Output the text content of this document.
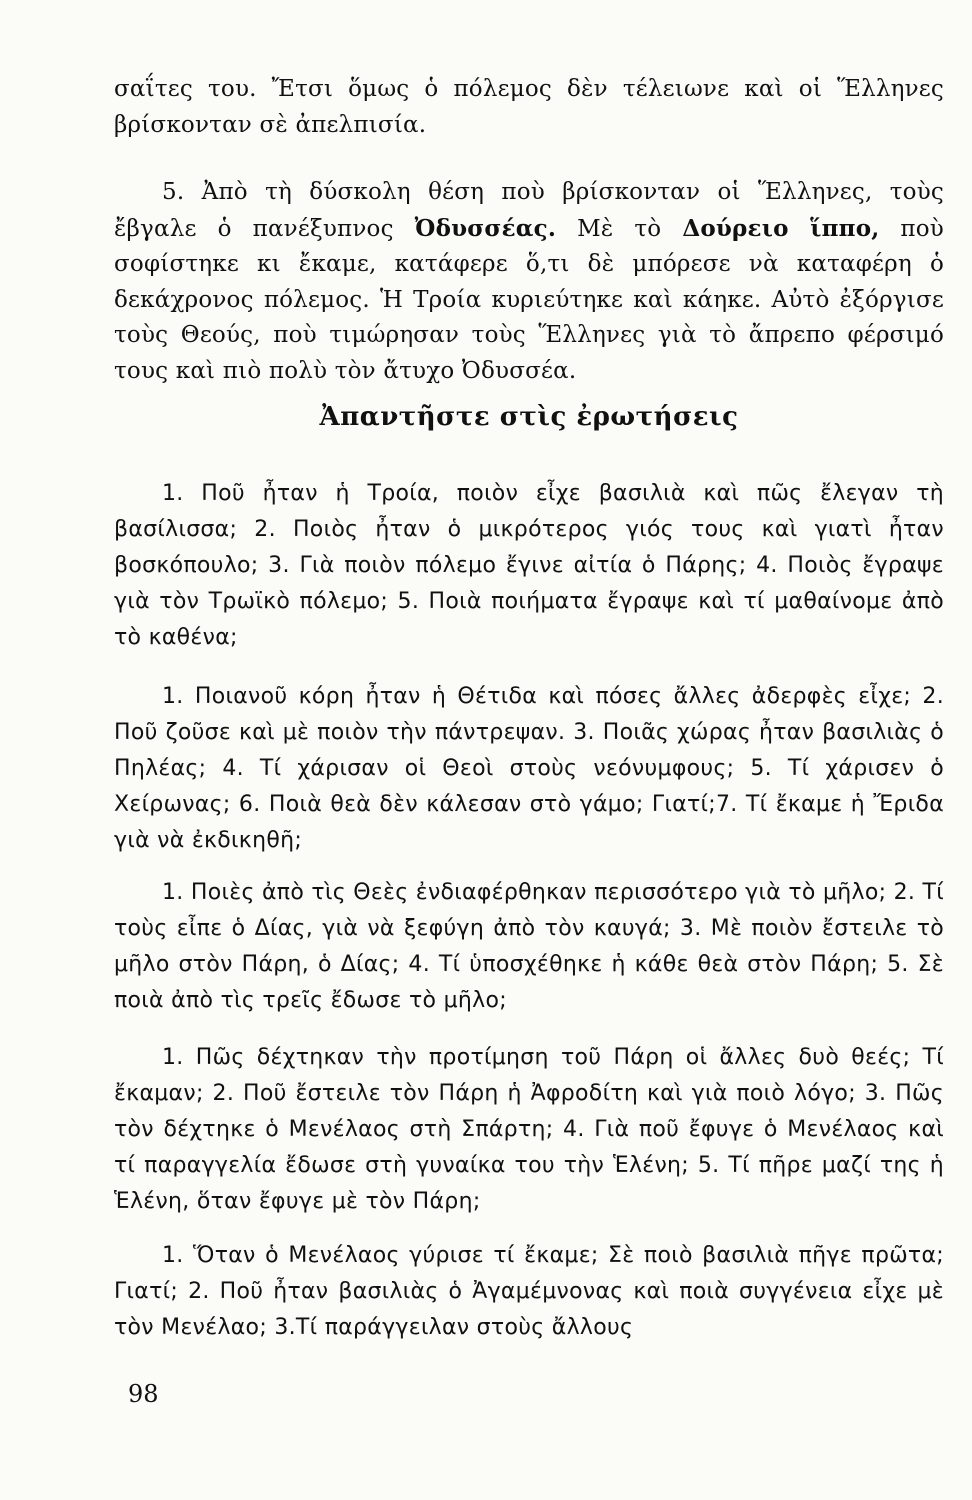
σαΐτες του. Ἔτσι ὅμως ὁ πόλεμος δὲν τέλειωνε καὶ οἱ Ἕλληνες βρίσκονταν σὲ ἀπελπισία.

5. Ἀπὸ τὴ δύσκολη θέση ποὺ βρίσκονταν οἱ Ἕλληνες, τοὺς ἔβγαλε ὁ πανέξυπνος Ὀδυσσέας. Μὲ τὸ Δούρειο ἵππο, ποὺ σοφίστηκε κι ἔκαμε, κατάφερε ὅ,τι δὲ μπόρεσε νὰ καταφέρη ὁ δεκάχρονος πόλεμος. Ἡ Τροία κυριεύτηκε καὶ κάηκε. Αὐτὸ ἐξόργισε τοὺς Θεούς, ποὺ τιμώρησαν τοὺς Ἕλληνες γιὰ τὸ ἄπρεπο φέρσιμό τους καὶ πιὸ πολὺ τὸν ἄτυχο Ὀδυσσέα.

Ἀπαντῆστε στὶς ἐρωτήσεις

1. Ποῦ ἦταν ἡ Τροία, ποιὸν εἶχε βασιλιὰ καὶ πῶς ἔλεγαν τὴ βασίλισσα; 2. Ποιὸς ἦταν ὁ μικρότερος γιός τους καὶ γιατὶ ἦταν βοσκόπουλο; 3. Γιὰ ποιὸν πόλεμο ἔγινε αἰτία ὁ Πάρης; 4. Ποιὸς ἔγραψε γιὰ τὸν Τρωϊκὸ πόλεμο; 5. Ποιὰ ποιήματα ἔγραψε καὶ τί μαθαίνομε ἀπὸ τὸ καθένα;

1. Ποιανοῦ κόρη ἦταν ἡ Θέτιδα καὶ πόσες ἄλλες ἀδερφὲς εἶχε; 2. Ποῦ ζοῦσε καὶ μὲ ποιὸν τὴν πάντρεψαν. 3. Ποιᾶς χώρας ἦταν βασιλιὰς ὁ Πηλέας; 4. Τί χάρισαν οἱ Θεοὶ στοὺς νεόνυμφους; 5. Τί χάρισεν ὁ Χείρωνας; 6. Ποιὰ θεὰ δὲν κάλεσαν στὸ γάμο; Γιατί;7. Τί ἔκαμε ἡ Ἔριδα γιὰ νὰ ἐκδικηθῆ;

1. Ποιὲς ἀπὸ τὶς Θεὲς ἐνδιαφέρθηκαν περισσότερο γιὰ τὸ μῆλο; 2. Τί τοὺς εἶπε ὁ Δίας, γιὰ νὰ ξεφύγη ἀπὸ τὸν καυγά; 3. Μὲ ποιὸν ἔστειλε τὸ μῆλο στὸν Πάρη, ὁ Δίας; 4. Τί ὑποσχέθηκε ἡ κάθε θεὰ στὸν Πάρη; 5. Σὲ ποιὰ ἀπὸ τὶς τρεῖς ἔδωσε τὸ μῆλο;

1. Πῶς δέχτηκαν τὴν προτίμηση τοῦ Πάρη οἱ ἄλλες δυὸ θεές; Τί ἔκαμαν; 2. Ποῦ ἔστειλε τὸν Πάρη ἡ Ἀφροδίτη καὶ γιὰ ποιὸ λόγο; 3. Πῶς τὸν δέχτηκε ὁ Μενέλαος στὴ Σπάρτη; 4. Γιὰ ποῦ ἔφυγε ὁ Μενέλαος καὶ τί παραγγελία ἔδωσε στὴ γυναίκα του τὴν Ἑλένη; 5. Τί πῆρε μαζί της ἡ Ἑλένη, ὅταν ἔφυγε μὲ τὸν Πάρη;

1. Ὅταν ὁ Μενέλαος γύρισε τί ἔκαμε; Σὲ ποιὸ βασιλιὰ πῆγε πρῶτα; Γιατί; 2. Ποῦ ἦταν βασιλιὰς ὁ Ἀγαμέμνονας καὶ ποιὰ συγγένεια εἶχε μὲ τὸν Μενέλαο; 3.Τί παράγγειλαν στοὺς ἄλλους

98
